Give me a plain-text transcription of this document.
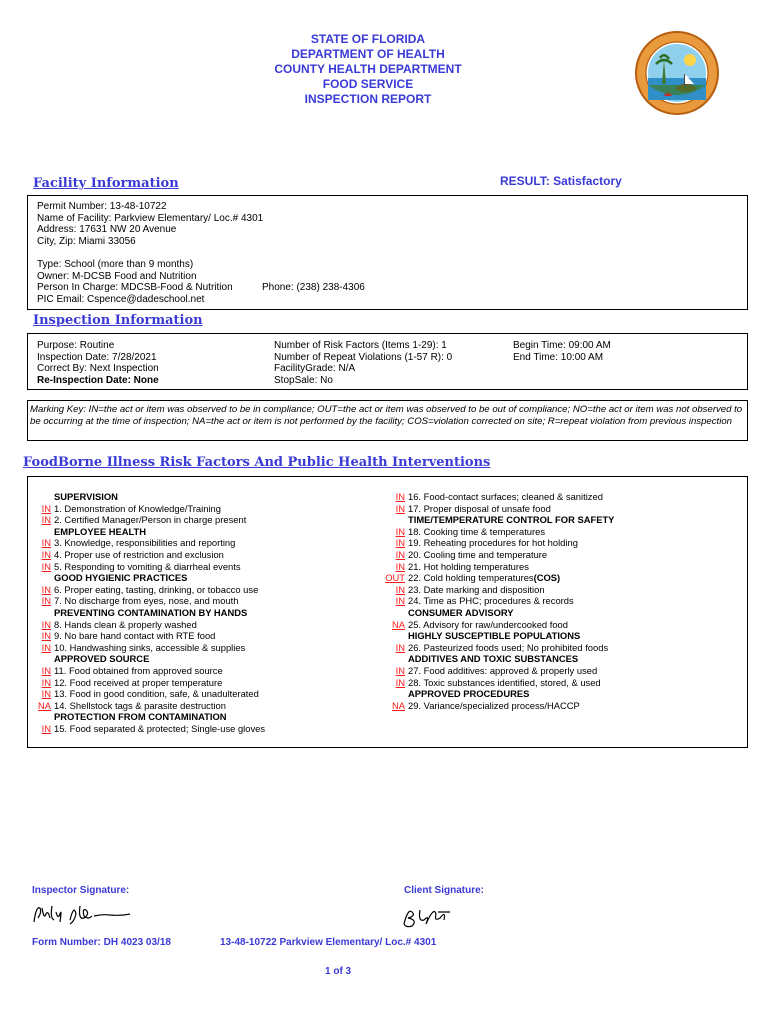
STATE OF FLORIDA
DEPARTMENT OF HEALTH
COUNTY HEALTH DEPARTMENT
FOOD SERVICE
INSPECTION REPORT
Facility Information	RESULT: Satisfactory
Permit Number: 13-48-10722
Name of Facility: Parkview Elementary/ Loc.# 4301
Address: 17631 NW 20 Avenue
City, Zip: Miami 33056
Type: School (more than 9 months)
Owner: M-DCSB Food and Nutrition
Person In Charge: MDCSB-Food & Nutrition	Phone: (238) 238-4306
PIC Email: Cspence@dadeschool.net
Inspection Information
Purpose: Routine
Inspection Date: 7/28/2021
Correct By: Next Inspection
Re-Inspection Date: None
Number of Risk Factors (Items 1-29): 1
Number of Repeat Violations (1-57 R): 0
FacilityGrade: N/A
StopSale: No
Begin Time: 09:00 AM
End Time: 10:00 AM
Marking Key: IN=the act or item was observed to be in compliance; OUT=the act or item was observed to be out of compliance; NO=the act or item was not observed to be occurring at the time of inspection; NA=the act or item is not performed by the facility; COS=violation corrected on site; R=repeat violation from previous inspection
FoodBorne Illness Risk Factors And Public Health Interventions
SUPERVISION
IN 1. Demonstration of Knowledge/Training
IN 2. Certified Manager/Person in charge present
EMPLOYEE HEALTH
IN 3. Knowledge, responsibilities and reporting
IN 4. Proper use of restriction and exclusion
IN 5. Responding to vomiting & diarrheal events
GOOD HYGIENIC PRACTICES
IN 6. Proper eating, tasting, drinking, or tobacco use
IN 7. No discharge from eyes, nose, and mouth
PREVENTING CONTAMINATION BY HANDS
IN 8. Hands clean & properly washed
IN 9. No bare hand contact with RTE food
IN 10. Handwashing sinks, accessible & supplies
APPROVED SOURCE
IN 11. Food obtained from approved source
IN 12. Food received at proper temperature
IN 13. Food in good condition, safe, & unadulterated
NA 14. Shellstock tags & parasite destruction
PROTECTION FROM CONTAMINATION
IN 15. Food separated & protected; Single-use gloves
IN 16. Food-contact surfaces; cleaned & sanitized
IN 17. Proper disposal of unsafe food
TIME/TEMPERATURE CONTROL FOR SAFETY
IN 18. Cooking time & temperatures
IN 19. Reheating procedures for hot holding
IN 20. Cooling time and temperature
IN 21. Hot holding temperatures
OUT 22. Cold holding temperatures (COS)
IN 23. Date marking and disposition
IN 24. Time as PHC; procedures & records
CONSUMER ADVISORY
NA 25. Advisory for raw/undercooked food
HIGHLY SUSCEPTIBLE POPULATIONS
IN 26. Pasteurized foods used; No prohibited foods
ADDITIVES AND TOXIC SUBSTANCES
IN 27. Food additives: approved & properly used
IN 28. Toxic substances identified, stored, & used
APPROVED PROCEDURES
NA 29. Variance/specialized process/HACCP
Inspector Signature:	Client Signature:
Form Number: DH 4023 03/18	13-48-10722 Parkview Elementary/ Loc.# 4301
1 of 3
